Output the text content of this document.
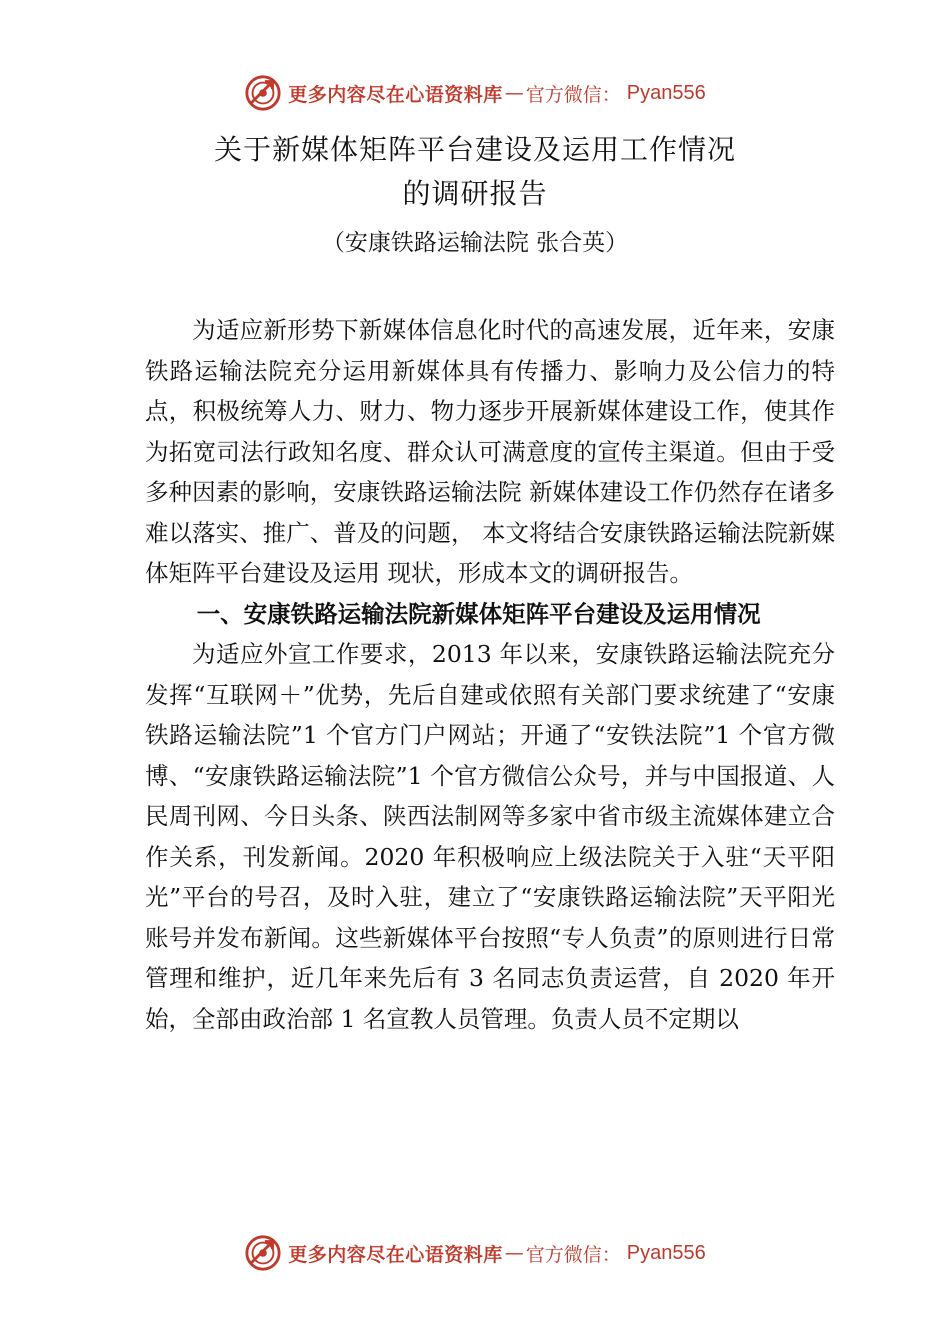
更多内容尽在心语资料库 — 官方微信： Pyan556
关于新媒体矩阵平台建设及运用工作情况
的调研报告
（安康铁路运输法院 张合英）

为适应新形势下新媒体信息化时代的高速发展，近年来，安康铁路运输法院充分运用新媒体具有传播力、影响力及公信力的特点，积极统筹人力、财力、物力逐步开展新媒体建设工作，使其作为拓宽司法行政知名度、群众认可满意度的宣传主渠道。但由于受多种因素的影响，安康铁路运输法院 新媒体建设工作仍然存在诸多难以落实、推广、普及的问题， 本文将结合安康铁路运输法院新媒体矩阵平台建设及运用 现状，形成本文的调研报告。

一、安康铁路运输法院新媒体矩阵平台建设及运用情况

为适应外宣工作要求，2013 年以来，安康铁路运输法院充分发挥“互联网＋”优势，先后自建或依照有关部门要求统建了“安康铁路运输法院”1 个官方门户网站；开通了“安铁法院”1 个官方微博、“安康铁路运输法院”1 个官方微信公众号，并与中国报道、人民周刊网、今日头条、陕西法制网等多家中省市级主流媒体建立合作关系，刊发新闻。2020 年积极响应上级法院关于入驻“天平阳光”平台的号召，及时入驻，建立了“安康铁路运输法院”天平阳光账号并发布新闻。这些新媒体平台按照“专人负责”的原则进行日常管理和维护，近几年来先后有 3 名同志负责运营，自 2020 年开始，全部由政治部 1 名宣教人员管理。负责人员不定期以

更多内容尽在心语资料库 — 官方微信： Pyan556
